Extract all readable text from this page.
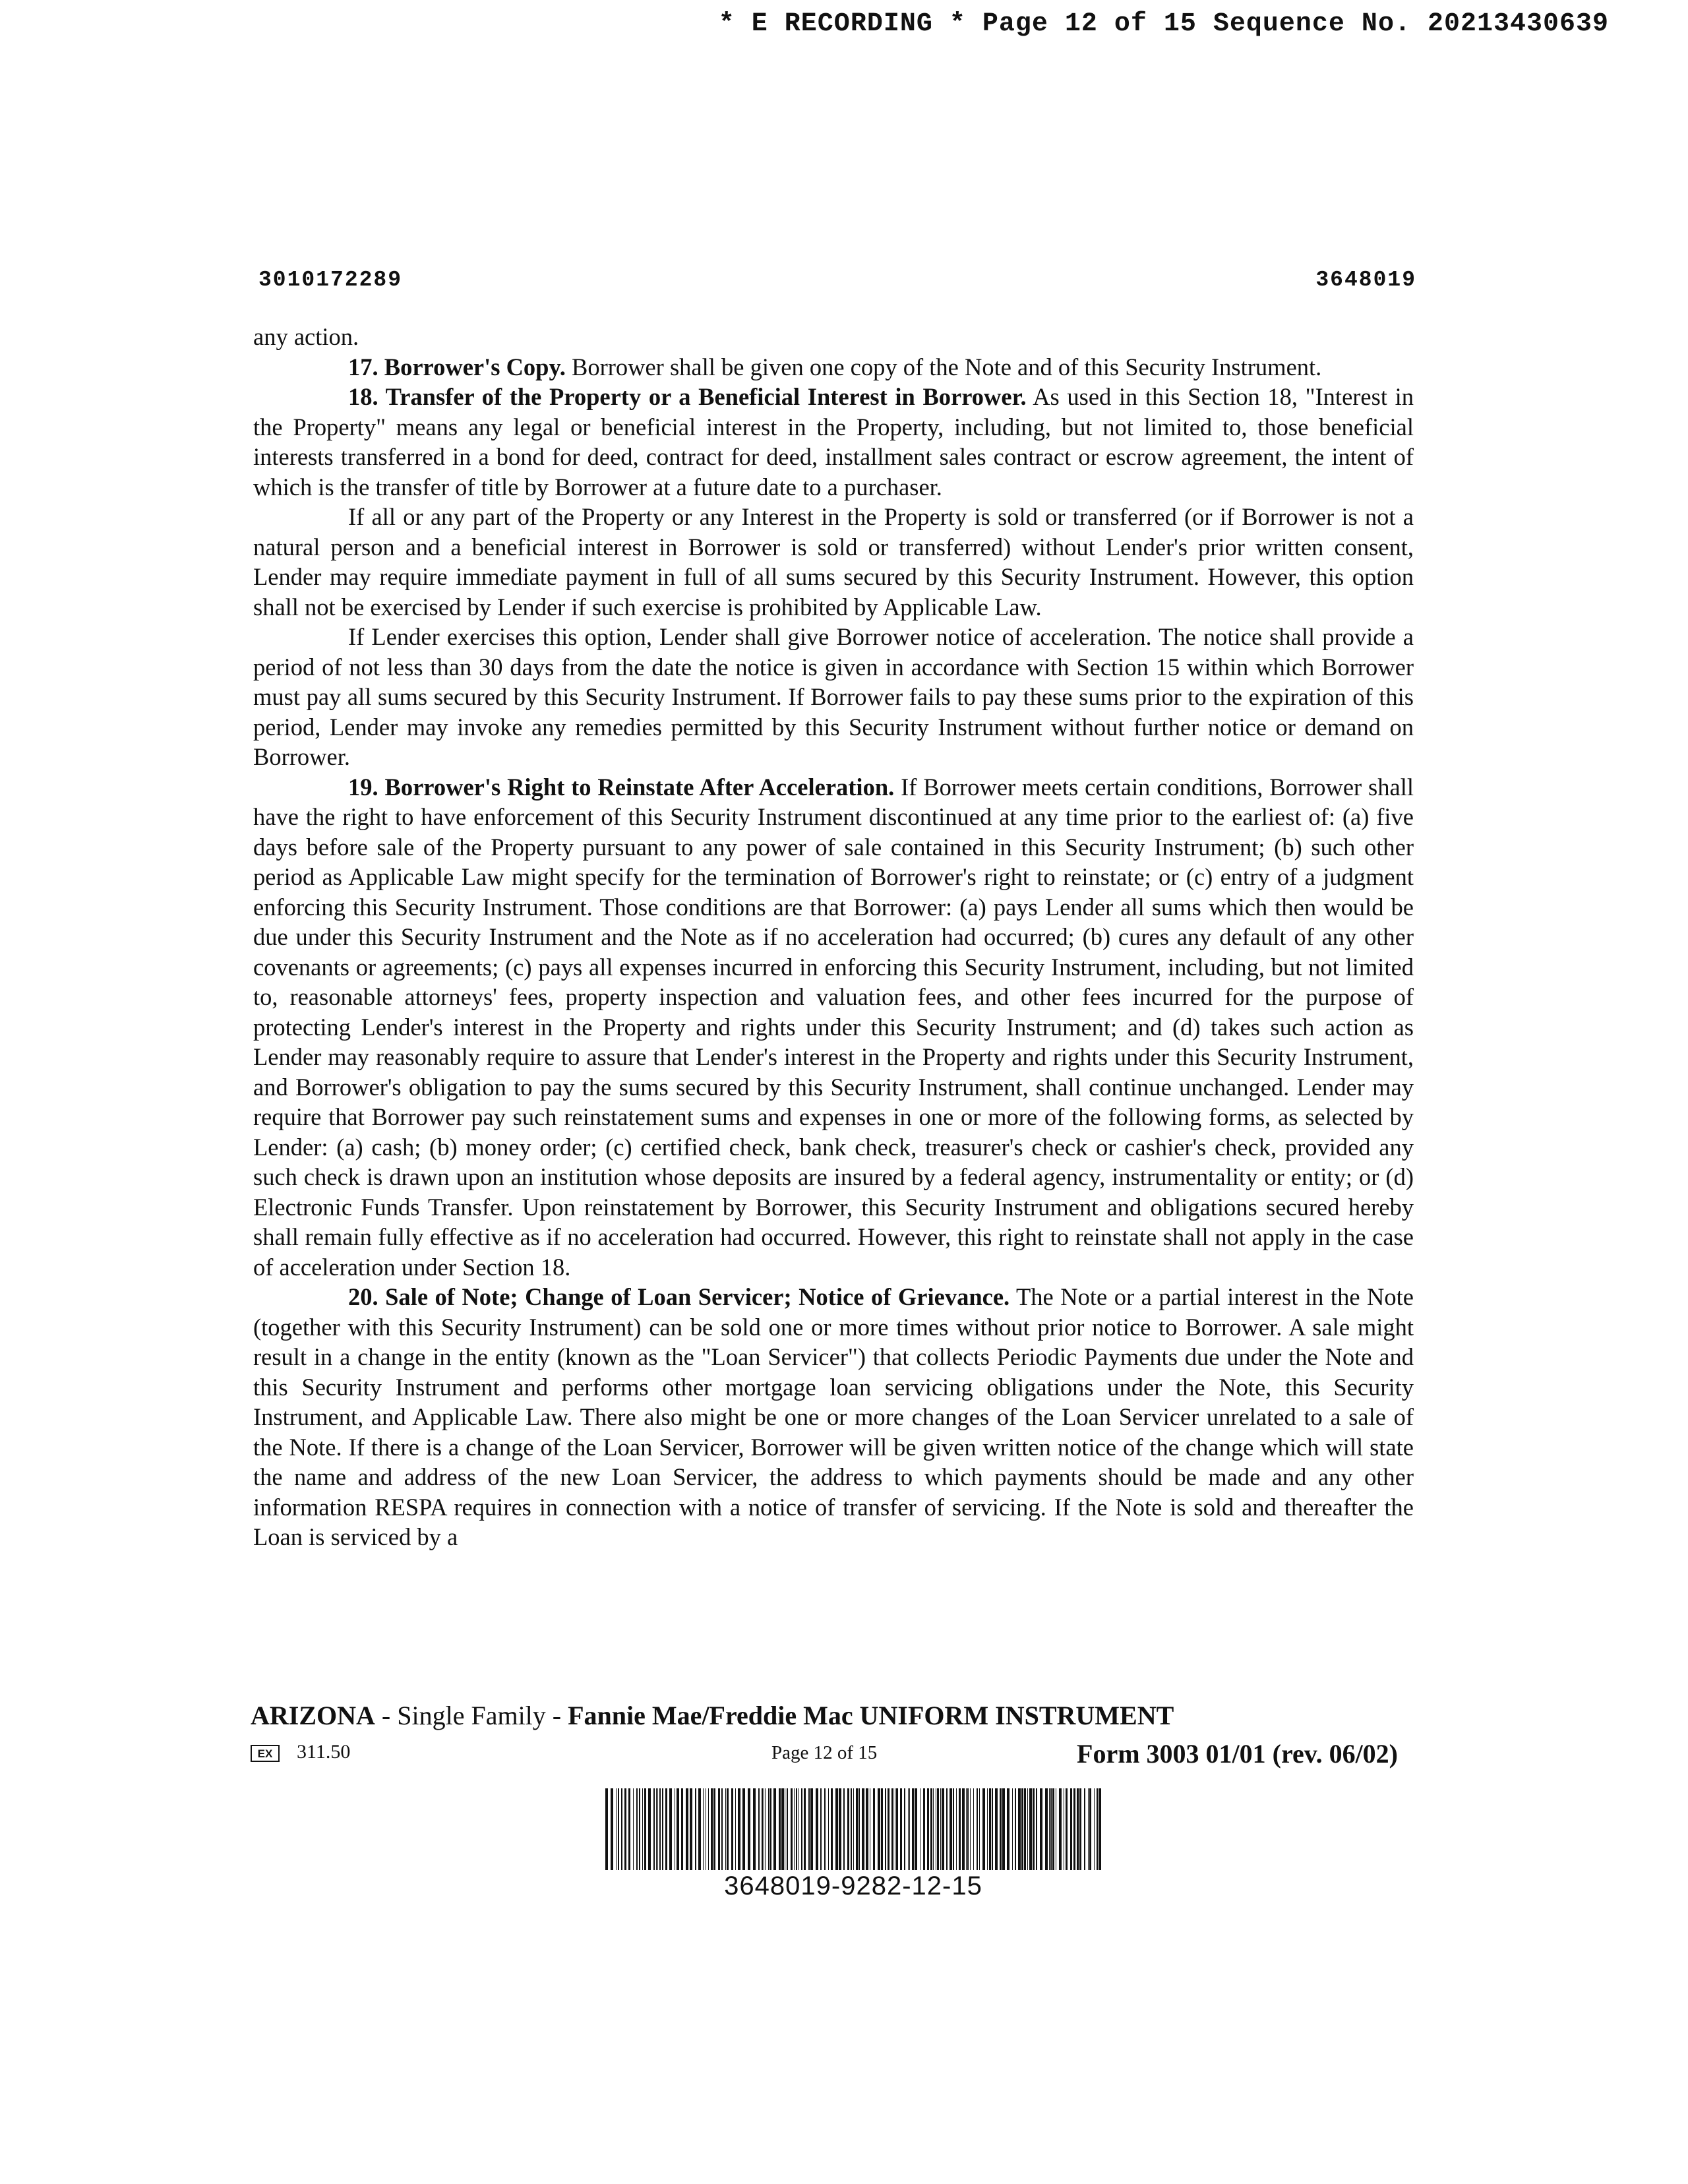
* E RECORDING * Page 12 of 15 Sequence No. 20213430639
3010172289	3648019

any action.

17. Borrower's Copy. Borrower shall be given one copy of the Note and of this Security Instrument.

18. Transfer of the Property or a Beneficial Interest in Borrower. As used in this Section 18, "Interest in the Property" means any legal or beneficial interest in the Property, including, but not limited to, those beneficial interests transferred in a bond for deed, contract for deed, installment sales contract or escrow agreement, the intent of which is the transfer of title by Borrower at a future date to a purchaser.

If all or any part of the Property or any Interest in the Property is sold or transferred (or if Borrower is not a natural person and a beneficial interest in Borrower is sold or transferred) without Lender's prior written consent, Lender may require immediate payment in full of all sums secured by this Security Instrument. However, this option shall not be exercised by Lender if such exercise is prohibited by Applicable Law.

If Lender exercises this option, Lender shall give Borrower notice of acceleration. The notice shall provide a period of not less than 30 days from the date the notice is given in accordance with Section 15 within which Borrower must pay all sums secured by this Security Instrument. If Borrower fails to pay these sums prior to the expiration of this period, Lender may invoke any remedies permitted by this Security Instrument without further notice or demand on Borrower.

19. Borrower's Right to Reinstate After Acceleration. If Borrower meets certain conditions, Borrower shall have the right to have enforcement of this Security Instrument discontinued at any time prior to the earliest of: (a) five days before sale of the Property pursuant to any power of sale contained in this Security Instrument; (b) such other period as Applicable Law might specify for the termination of Borrower's right to reinstate; or (c) entry of a judgment enforcing this Security Instrument. Those conditions are that Borrower: (a) pays Lender all sums which then would be due under this Security Instrument and the Note as if no acceleration had occurred; (b) cures any default of any other covenants or agreements; (c) pays all expenses incurred in enforcing this Security Instrument, including, but not limited to, reasonable attorneys' fees, property inspection and valuation fees, and other fees incurred for the purpose of protecting Lender's interest in the Property and rights under this Security Instrument; and (d) takes such action as Lender may reasonably require to assure that Lender's interest in the Property and rights under this Security Instrument, and Borrower's obligation to pay the sums secured by this Security Instrument, shall continue unchanged. Lender may require that Borrower pay such reinstatement sums and expenses in one or more of the following forms, as selected by Lender: (a) cash; (b) money order; (c) certified check, bank check, treasurer's check or cashier's check, provided any such check is drawn upon an institution whose deposits are insured by a federal agency, instrumentality or entity; or (d) Electronic Funds Transfer. Upon reinstatement by Borrower, this Security Instrument and obligations secured hereby shall remain fully effective as if no acceleration had occurred. However, this right to reinstate shall not apply in the case of acceleration under Section 18.

20. Sale of Note; Change of Loan Servicer; Notice of Grievance. The Note or a partial interest in the Note (together with this Security Instrument) can be sold one or more times without prior notice to Borrower. A sale might result in a change in the entity (known as the "Loan Servicer") that collects Periodic Payments due under the Note and this Security Instrument and performs other mortgage loan servicing obligations under the Note, this Security Instrument, and Applicable Law. There also might be one or more changes of the Loan Servicer unrelated to a sale of the Note. If there is a change of the Loan Servicer, Borrower will be given written notice of the change which will state the name and address of the new Loan Servicer, the address to which payments should be made and any other information RESPA requires in connection with a notice of transfer of servicing. If the Note is sold and thereafter the Loan is serviced by a

ARIZONA - Single Family - Fannie Mae/Freddie Mac UNIFORM INSTRUMENT
EX 311.50	Page 12 of 15	Form 3003 01/01 (rev. 06/02)
3648019-9282-12-15
